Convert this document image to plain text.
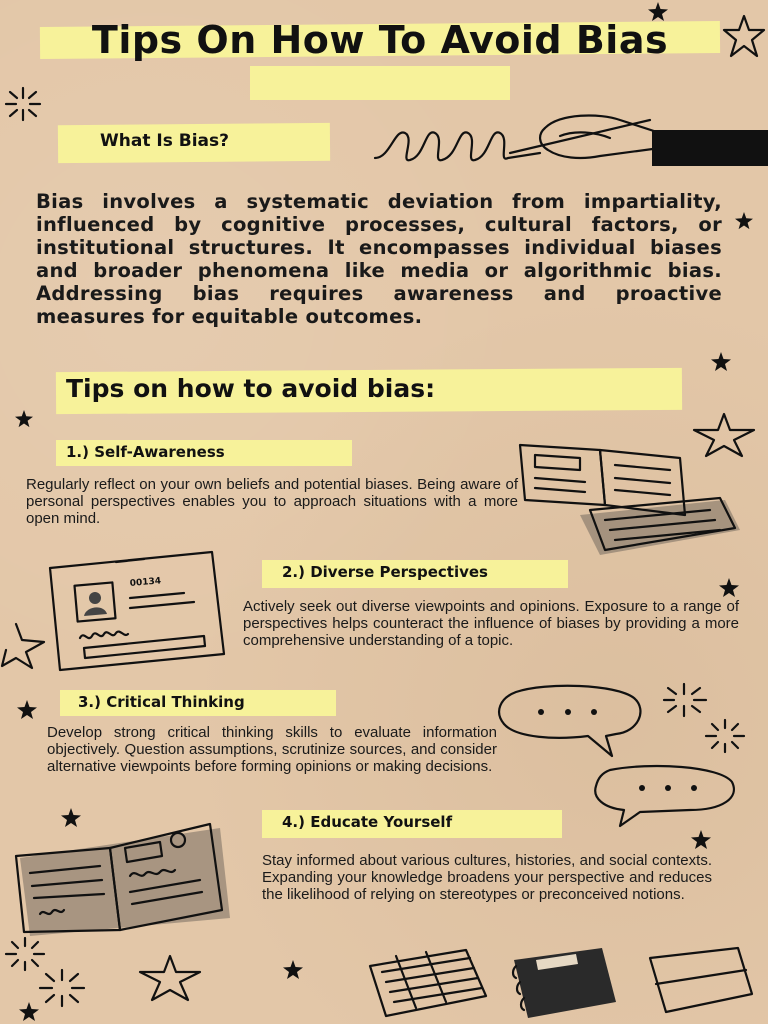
Tips On How To Avoid Bias
What Is Bias?
Bias involves a systematic deviation from impartiality, influenced by cognitive processes, cultural factors, or institutional structures. It encompasses individual biases and broader phenomena like media or algorithmic bias. Addressing bias requires awareness and proactive measures for equitable outcomes.
Tips on how to avoid bias:
1.) Self-Awareness
Regularly reflect on your own beliefs and potential biases. Being aware of personal perspectives enables you to approach situations with a more open mind.
00134
2.) Diverse Perspectives
Actively seek out diverse viewpoints and opinions. Exposure to a range of perspectives helps counteract the influence of biases by providing a more comprehensive understanding of a topic.
3.) Critical Thinking
Develop strong critical thinking skills to evaluate information objectively. Question assumptions, scrutinize sources, and consider alternative viewpoints before forming opinions or making decisions.
4.) Educate Yourself
Stay informed about various cultures, histories, and social contexts. Expanding your knowledge broadens your perspective and reduces the likelihood of relying on stereotypes or preconceived notions.
